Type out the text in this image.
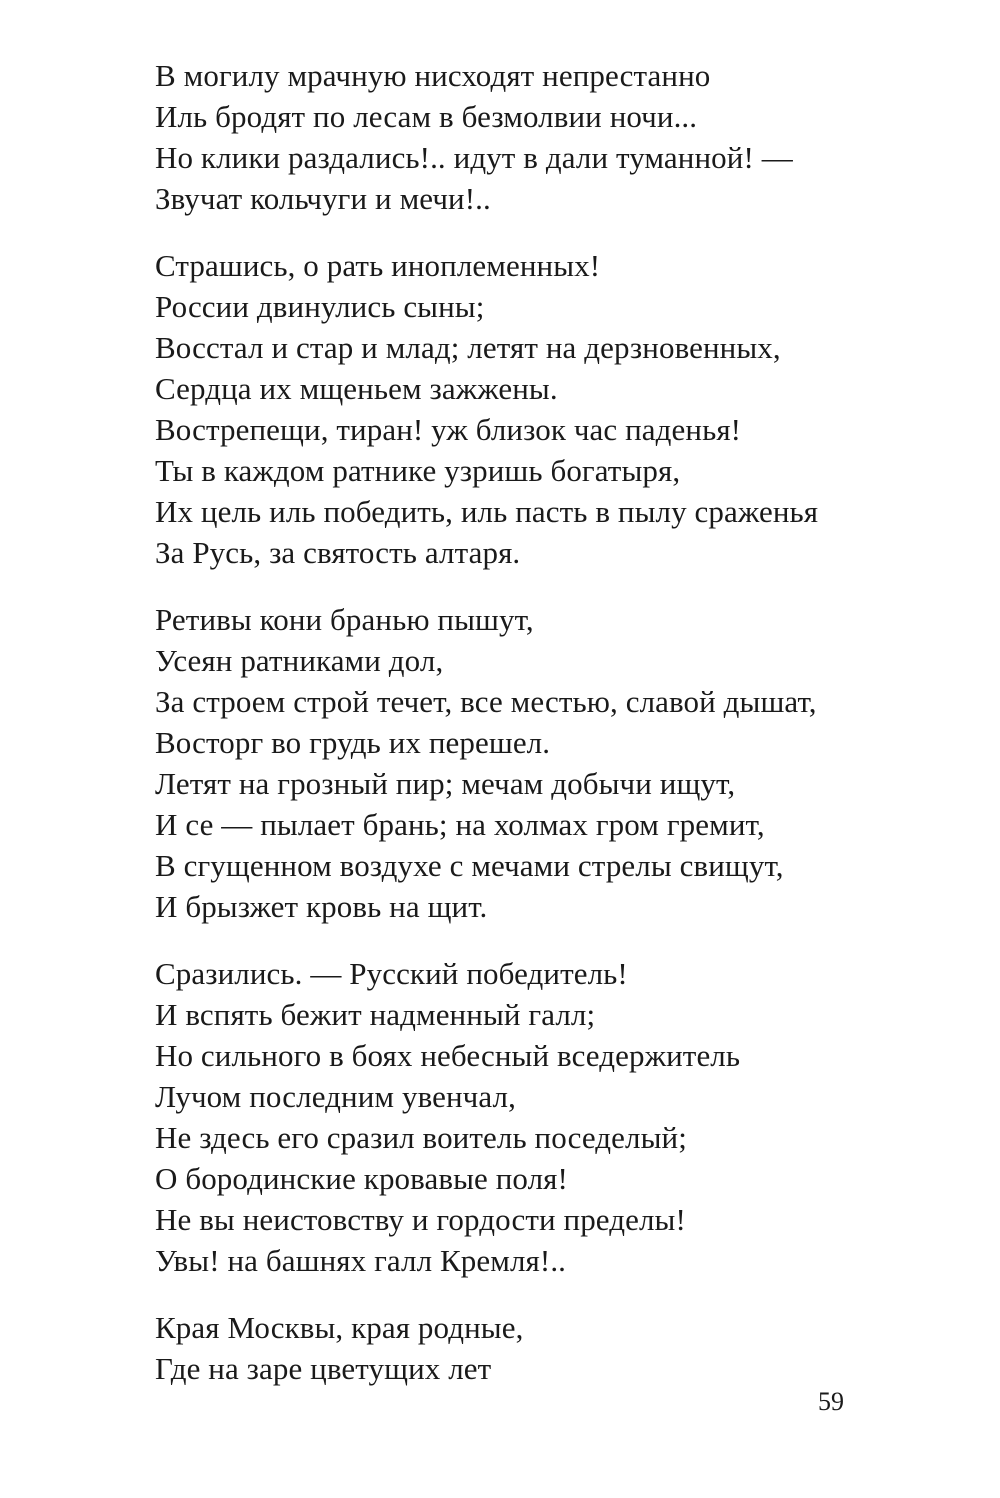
В могилу мрачную нисходят непрестанно
Иль бродят по лесам в безмолвии ночи...
Но клики раздались!.. идут в дали туманной! —
Звучат кольчуги и мечи!..
Страшись, о рать иноплеменных!
России двинулись сыны;
Восстал и стар и млад; летят на дерзновенных,
Сердца их мщеньем зажжены.
Вострепещи, тиран! уж близок час паденья!
Ты в каждом ратнике узришь богатыря,
Их цель иль победить, иль пасть в пылу сраженья
За Русь, за святость алтаря.
Ретивы кони бранью пышут,
Усеян ратниками дол,
За строем строй течет, все местью, славой дышат,
Восторг во грудь их перешел.
Летят на грозный пир; мечам добычи ищут,
И се — пылает брань; на холмах гром гремит,
В сгущенном воздухе с мечами стрелы свищут,
И брызжет кровь на щит.
Сразились. — Русский победитель!
И вспять бежит надменный галл;
Но сильного в боях небесный вседержитель
Лучом последним увенчал,
Не здесь его сразил воитель поседелый;
О бородинские кровавые поля!
Не вы неистовству и гордости пределы!
Увы! на башнях галл Кремля!..
Края Москвы, края родные,
Где на заре цветущих лет
59
